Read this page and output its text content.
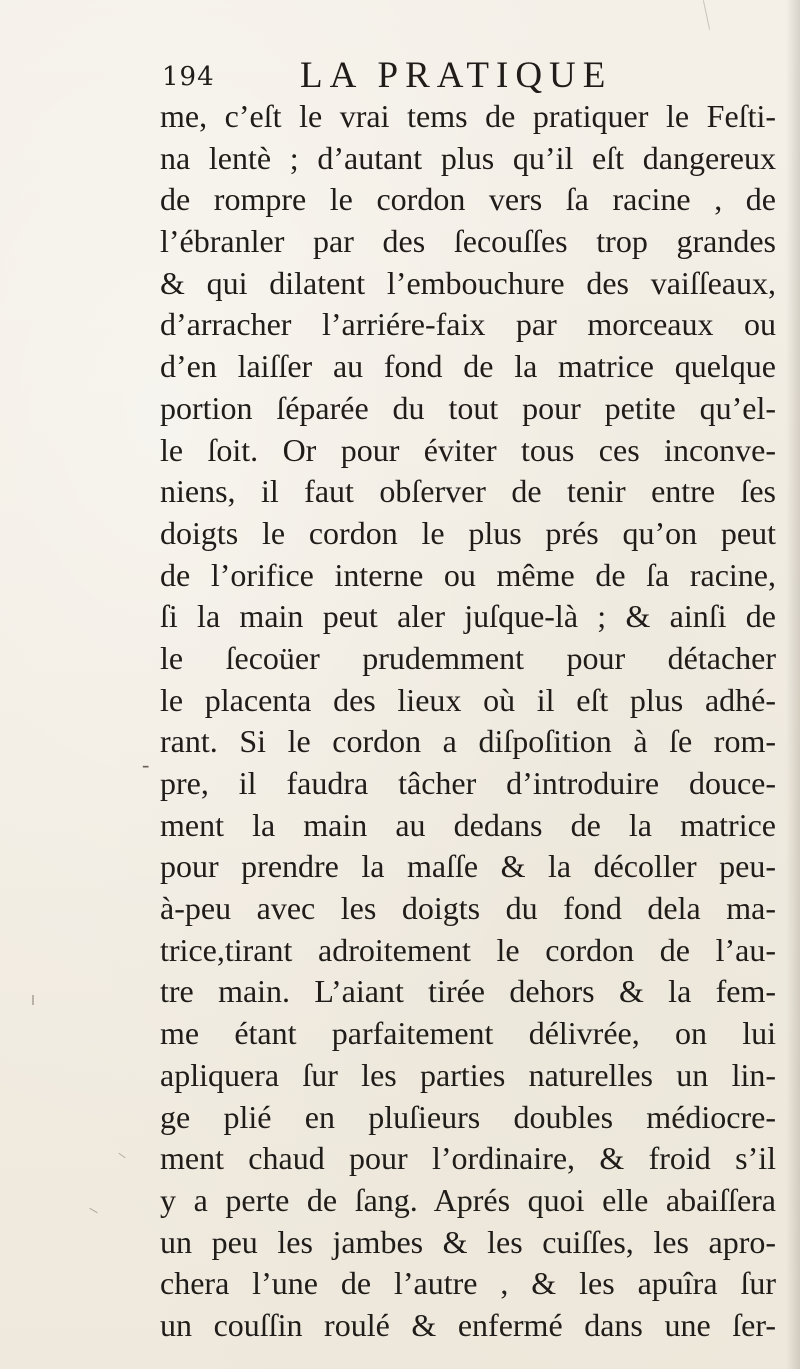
194 LA PRATIQUE
-
me, c’eſt le vrai tems de pratiquer le Feſti-
na lentè ; d’autant plus qu’il eſt dangereux
de rompre le cordon vers ſa racine , de
l’ébranler par des ſecouſſes trop grandes
& qui dilatent l’embouchure des vaiſſeaux,
d’arracher l’arriére-faix par morceaux ou
d’en laiſſer au fond de la matrice quelque
portion ſéparée du tout pour petite qu’el-
le ſoit. Or pour éviter tous ces inconve-
niens, il faut obſerver de tenir entre ſes
doigts le cordon le plus prés qu’on peut
de l’orifice interne ou même de ſa racine,
ſi la main peut aler juſque-là ; & ainſi de
le ſecoüer prudemment pour détacher
le placenta des lieux où il eſt plus adhé-
rant. Si le cordon a diſpoſition à ſe rom-
pre, il faudra tâcher d’introduire douce-
ment la main au dedans de la matrice
pour prendre la maſſe & la décoller peu-
à-peu avec les doigts du fond dela ma-
trice,tirant adroitement le cordon de l’au-
tre main. L’aiant tirée dehors & la fem-
me étant parfaitement délivrée, on lui
apliquera ſur les parties naturelles un lin-
ge plié en pluſieurs doubles médiocre-
ment chaud pour l’ordinaire, & froid s’il
y a perte de ſang. Aprés quoi elle abaiſſera
un peu les jambes & les cuiſſes, les apro-
chera l’une de l’autre , & les apuîra ſur
un couſſin roulé & enfermé dans une ſer-
